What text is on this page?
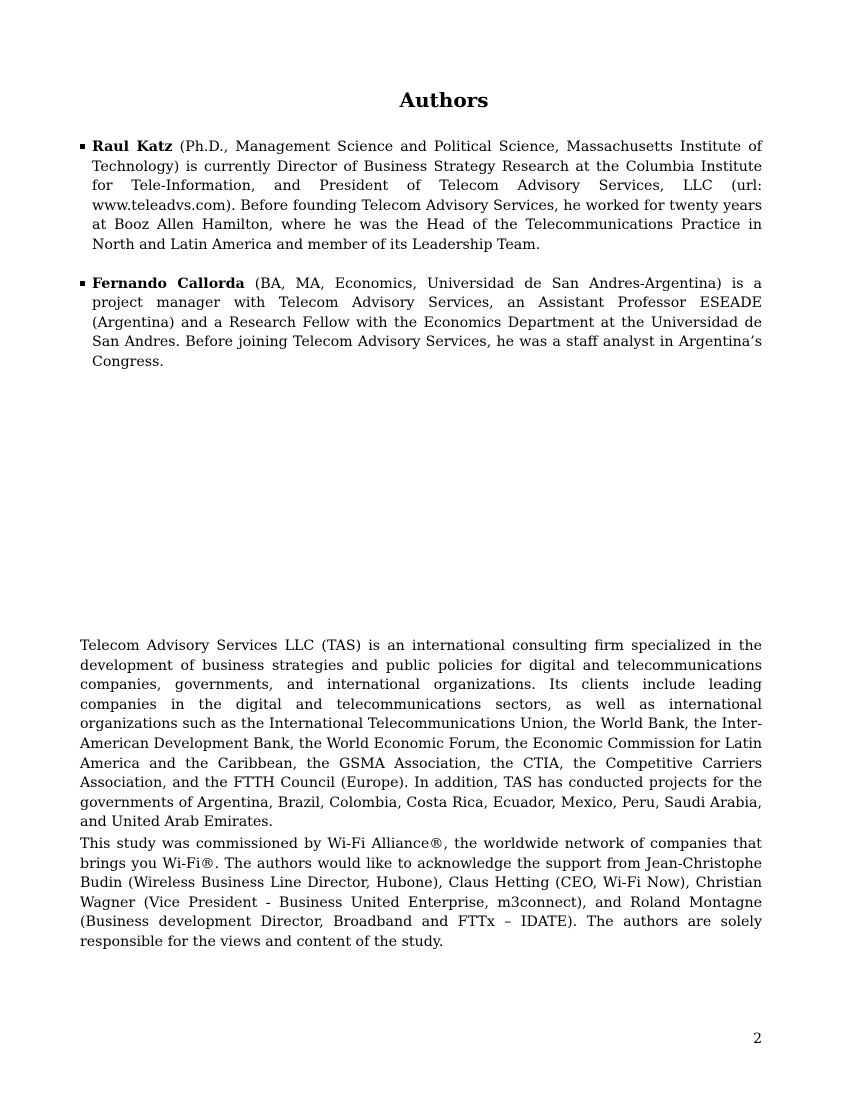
Authors
Raul Katz (Ph.D., Management Science and Political Science, Massachusetts Institute of Technology) is currently Director of Business Strategy Research at the Columbia Institute for Tele-Information, and President of Telecom Advisory Services, LLC (url: www.teleadvs.com). Before founding Telecom Advisory Services, he worked for twenty years at Booz Allen Hamilton, where he was the Head of the Telecommunications Practice in North and Latin America and member of its Leadership Team.
Fernando Callorda (BA, MA, Economics, Universidad de San Andres-Argentina) is a project manager with Telecom Advisory Services, an Assistant Professor ESEADE (Argentina) and a Research Fellow with the Economics Department at the Universidad de San Andres. Before joining Telecom Advisory Services, he was a staff analyst in Argentina’s Congress.

Telecom Advisory Services LLC (TAS) is an international consulting firm specialized in the development of business strategies and public policies for digital and telecommunications companies, governments, and international organizations. Its clients include leading companies in the digital and telecommunications sectors, as well as international organizations such as the International Telecommunications Union, the World Bank, the Inter-American Development Bank, the World Economic Forum, the Economic Commission for Latin America and the Caribbean, the GSMA Association, the CTIA, the Competitive Carriers Association, and the FTTH Council (Europe). In addition, TAS has conducted projects for the governments of Argentina, Brazil, Colombia, Costa Rica, Ecuador, Mexico, Peru, Saudi Arabia, and United Arab Emirates.

This study was commissioned by Wi-Fi Alliance®, the worldwide network of companies that brings you Wi-Fi®. The authors would like to acknowledge the support from Jean-Christophe Budin (Wireless Business Line Director, Hubone), Claus Hetting (CEO, Wi-Fi Now), Christian Wagner (Vice President - Business United Enterprise, m3connect), and Roland Montagne (Business development Director, Broadband and FTTx – IDATE). The authors are solely responsible for the views and content of the study.

2
